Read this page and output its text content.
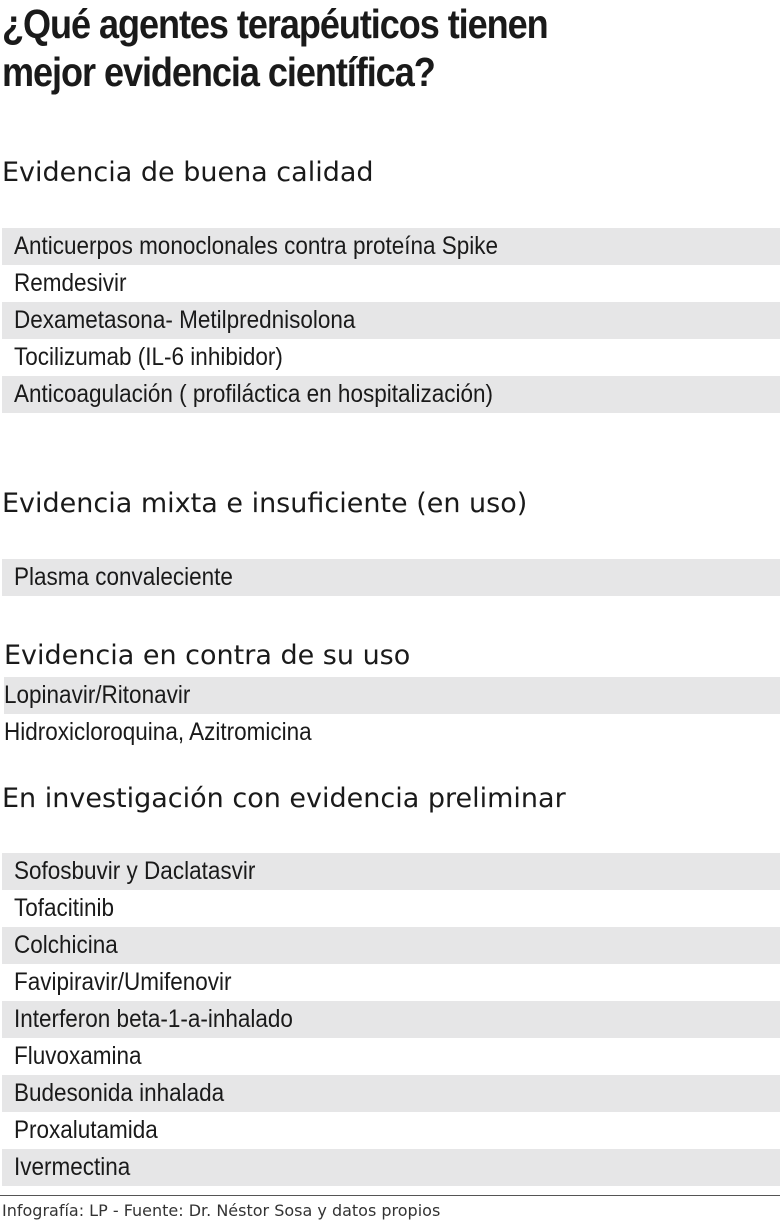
¿Qué agentes terapéuticos tienen
mejor evidencia científica?
Evidencia de buena calidad
Anticuerpos monoclonales contra proteína Spike
Remdesivir
Dexametasona- Metilprednisolona
Tocilizumab (IL-6 inhibidor)
Anticoagulación ( profiláctica en hospitalización)
Evidencia mixta e insuficiente (en uso)
Plasma convaleciente
Evidencia en contra de su uso
Lopinavir/Ritonavir
Hidroxicloroquina, Azitromicina
En investigación con evidencia preliminar
Sofosbuvir y Daclatasvir
Tofacitinib
Colchicina
Favipiravir/Umifenovir
Interferon beta-1-a-inhalado
Fluvoxamina
Budesonida inhalada
Proxalutamida
Ivermectina
Infografía: LP - Fuente: Dr. Néstor Sosa y datos propios
